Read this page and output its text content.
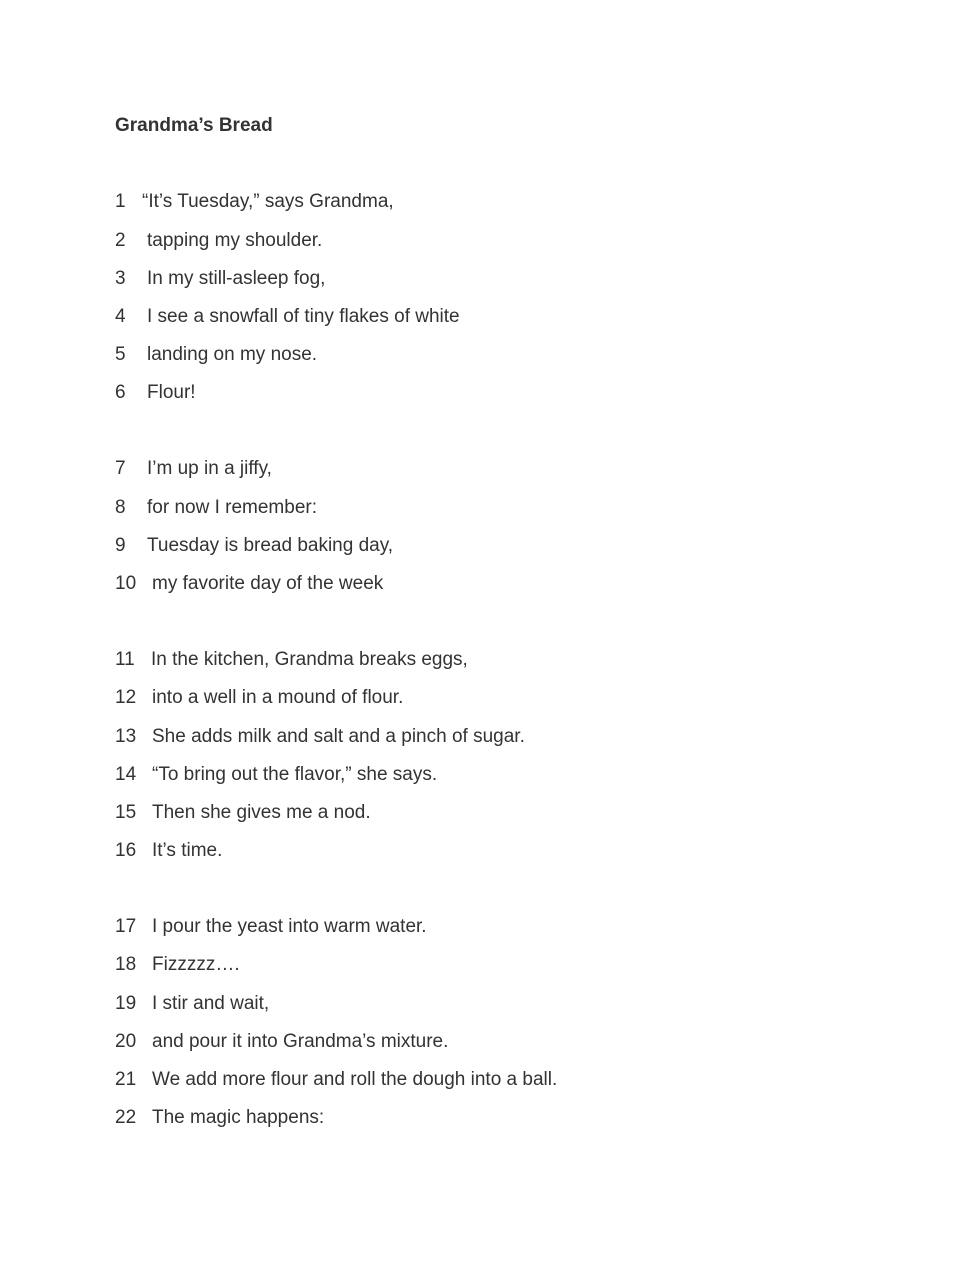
Grandma’s Bread
1 “It’s Tuesday,” says Grandma,
2 tapping my shoulder.
3 In my still-asleep fog,
4 I see a snowfall of tiny flakes of white
5 landing on my nose.
6 Flour!
7 I’m up in a jiffy,
8 for now I remember:
9 Tuesday is bread baking day,
10 my favorite day of the week
11 In the kitchen, Grandma breaks eggs,
12 into a well in a mound of flour.
13 She adds milk and salt and a pinch of sugar.
14 “To bring out the flavor,” she says.
15 Then she gives me a nod.
16 It’s time.
17 I pour the yeast into warm water.
18 Fizzzzz….
19 I stir and wait,
20 and pour it into Grandma’s mixture.
21 We add more flour and roll the dough into a ball.
22 The magic happens:
